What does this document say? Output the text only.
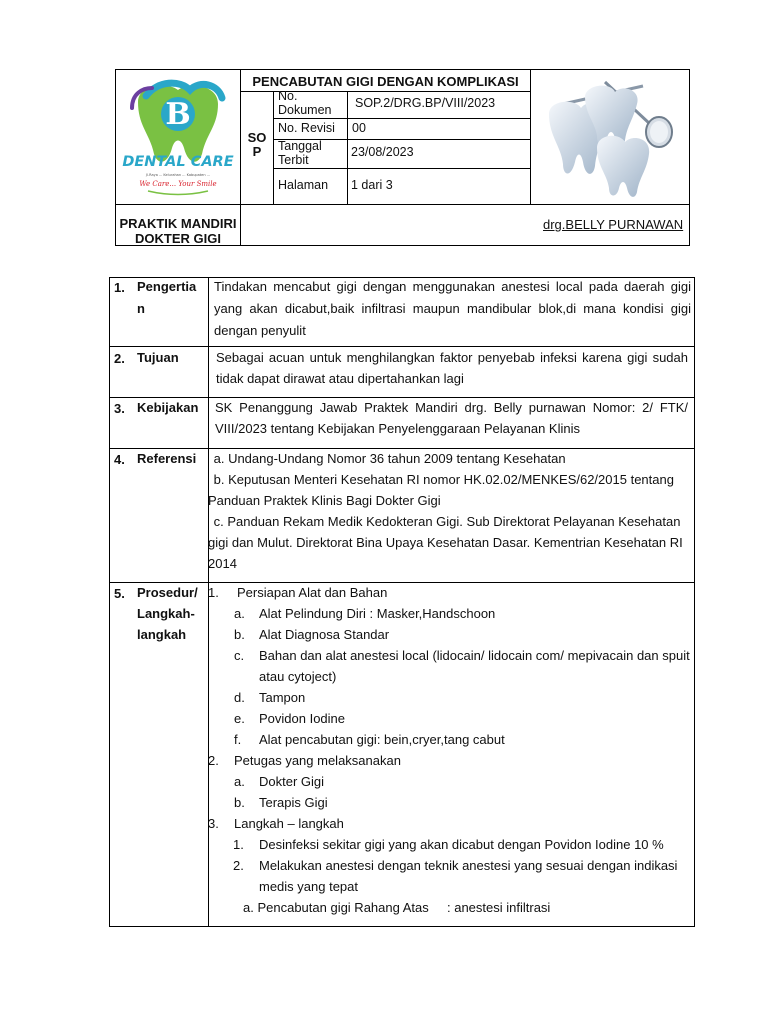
B
DENTAL CARE
Jl.Raya ... Kelurahan ... Kabupaten ...
We Care... Your Smile
PENCABUTAN GIGI DENGAN KOMPLIKASI
SO
P
No. Dokumen	SOP.2/DRG.BP/VIII/2023
No. Revisi 00
Tanggal Terbit
23/08/2023
Halaman 1 dari 3
PRAKTIK MANDIRI DOKTER GIGI
drg.BELLY PURNAWAN
1. Pengertia
n
Tindakan mencabut gigi dengan menggunakan anestesi local pada daerah gigi yang akan dicabut,baik infiltrasi maupun mandibular blok,di mana kondisi gigi dengan penyulit
2. Tujuan	Sebagai acuan untuk menghilangkan faktor penyebab infeksi karena gigi sudah tidak dapat dirawat atau dipertahankan lagi
3. Kebijakan SK Penanggung Jawab Praktek Mandiri drg. Belly purnawan Nomor: 2/ FTK/ VIII/2023 tentang Kebijakan Penyelenggaraan Pelayanan Klinis
4. Referensi a. Undang-Undang Nomor 36 tahun 2009 tentang Kesehatan
b. Keputusan Menteri Kesehatan RI nomor HK.02.02/MENKES/62/2015 tentang
Panduan Praktek Klinis Bagi Dokter Gigi
c. Panduan Rekam Medik Kedokteran Gigi. Sub Direktorat Pelayanan Kesehatan
gigi dan Mulut. Direktorat Bina Upaya Kesehatan Dasar. Kementrian Kesehatan RI
2014
5. Prosedur/
Langkah-
langkah
1. Persiapan Alat dan Bahan
a. Alat Pelindung Diri : Masker,Handschoon
b. Alat Diagnosa Standar
c. Bahan dan alat anestesi local (lidocain/ lidocain com/ mepivacain dan spuit
atau cytoject)
d. Tampon
e. Povidon Iodine
f. Alat pencabutan gigi: bein,cryer,tang cabut
2. Petugas yang melaksanakan
a. Dokter Gigi
b. Terapis Gigi
3. Langkah – langkah
1. Desinfeksi sekitar gigi yang akan dicabut dengan Povidon Iodine 10 %
2. Melakukan anestesi dengan teknik anestesi yang sesuai dengan indikasi
medis yang tepat
a. Pencabutan gigi Rahang Atas : anestesi infiltrasi
